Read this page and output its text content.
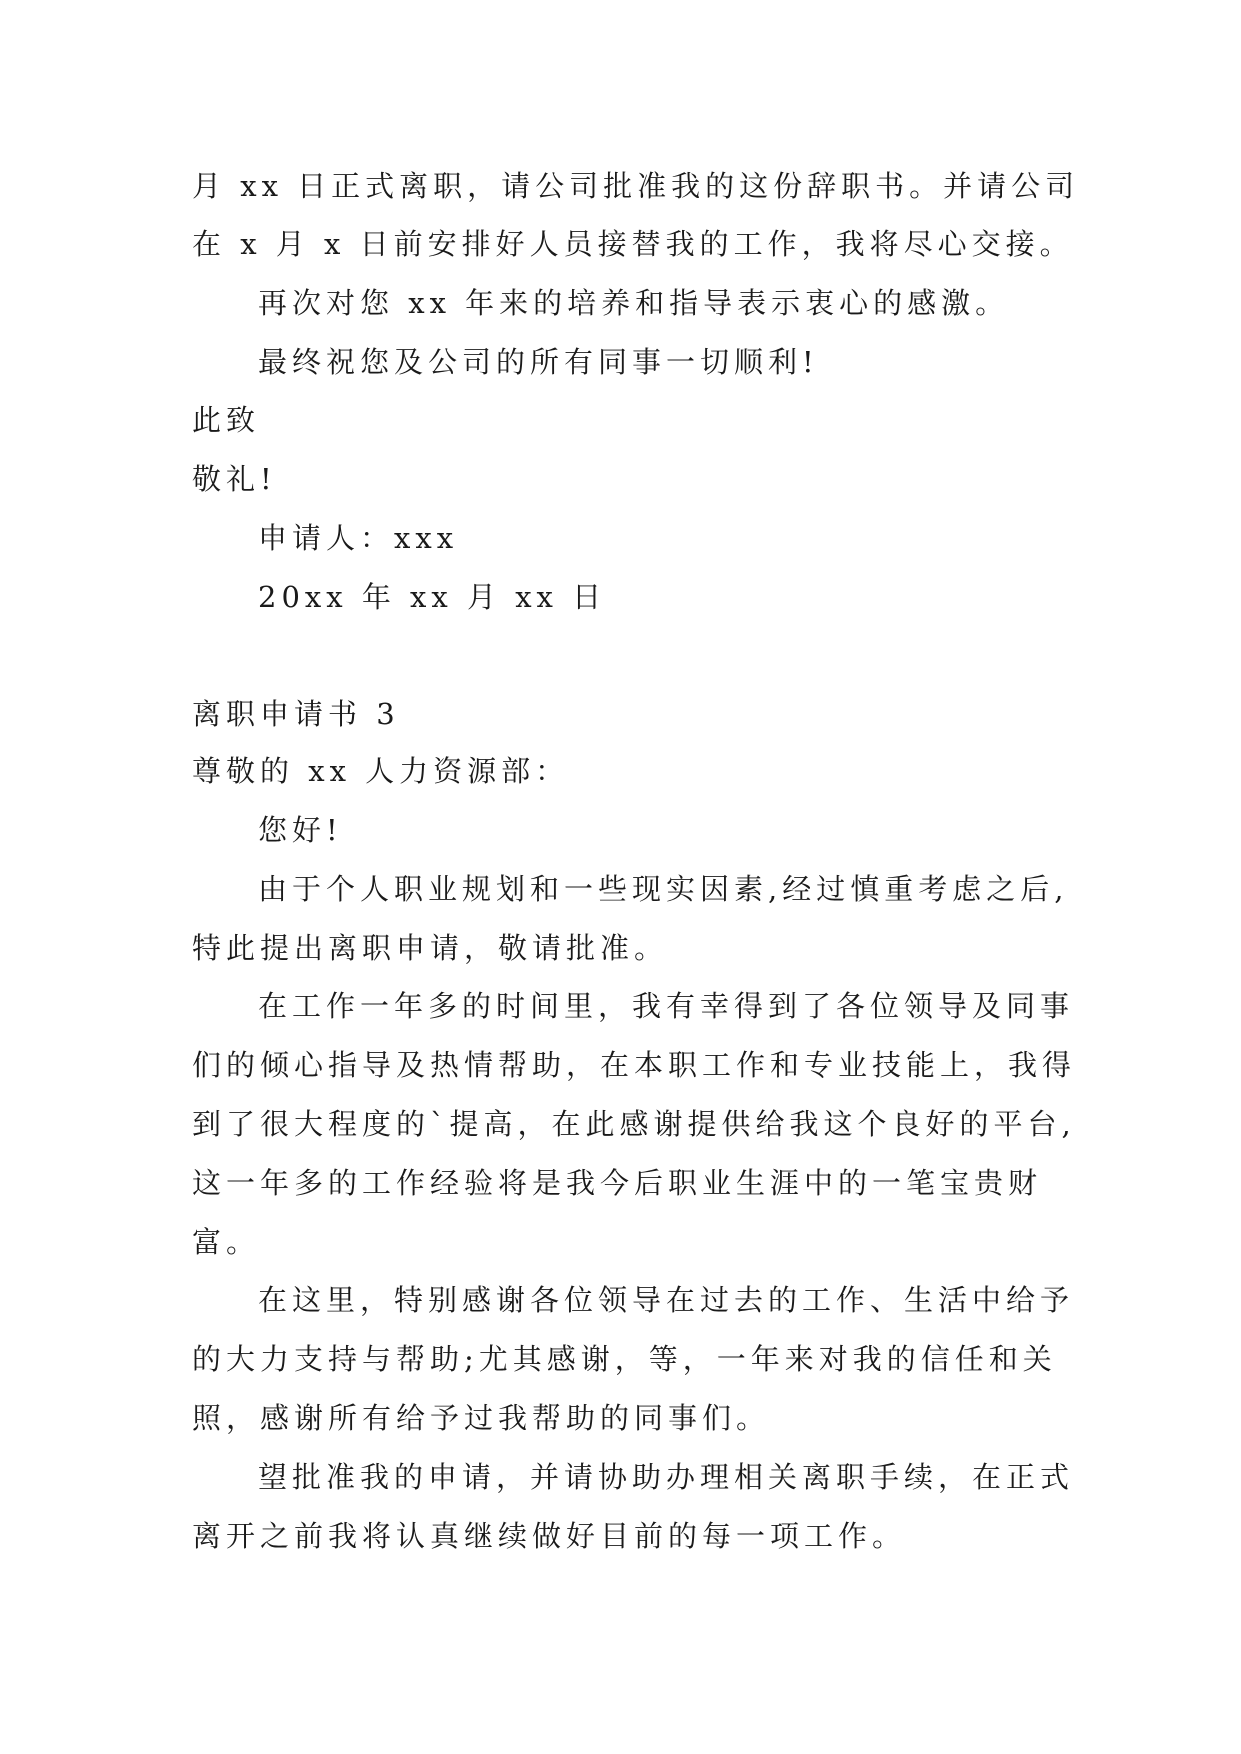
月 xx 日正式离职，请公司批准我的这份辞职书。并请公司
在 x 月 x 日前安排好人员接替我的工作，我将尽心交接。
再次对您 xx 年来的培养和指导表示衷心的感激。
最终祝您及公司的所有同事一切顺利!
此致
敬礼!
申请人：xxx
20xx 年 xx 月 xx 日
离职申请书 3
尊敬的 xx 人力资源部：
您好!
由于个人职业规划和一些现实因素,经过慎重考虑之后,
特此提出离职申请，敬请批准。
在工作一年多的时间里，我有幸得到了各位领导及同事
们的倾心指导及热情帮助，在本职工作和专业技能上，我得
到了很大程度的`提高，在此感谢提供给我这个良好的平台,
这一年多的工作经验将是我今后职业生涯中的一笔宝贵财
富。
在这里，特别感谢各位领导在过去的工作、生活中给予
的大力支持与帮助;尤其感谢，等，一年来对我的信任和关
照，感谢所有给予过我帮助的同事们。
望批准我的申请，并请协助办理相关离职手续，在正式
离开之前我将认真继续做好目前的每一项工作。
